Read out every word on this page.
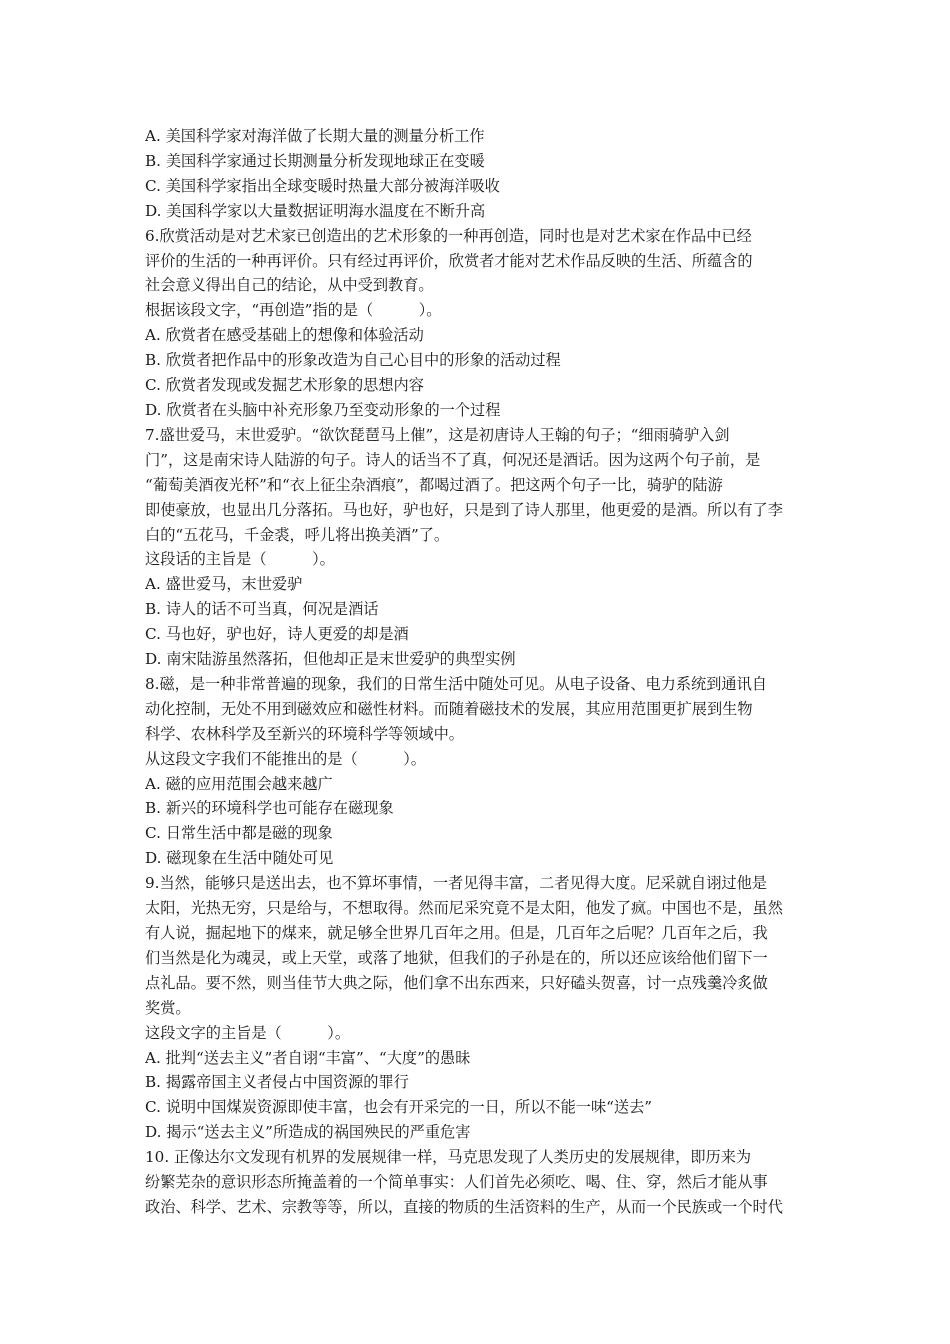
A. 美国科学家对海洋做了长期大量的测量分析工作
B. 美国科学家通过长期测量分析发现地球正在变暖
C. 美国科学家指出全球变暖时热量大部分被海洋吸收
D. 美国科学家以大量数据证明海水温度在不断升高
6.欣赏活动是对艺术家已创造出的艺术形象的一种再创造，同时也是对艺术家在作品中已经
评价的生活的一种再评价。只有经过再评价，欣赏者才能对艺术作品反映的生活、所蕴含的
社会意义得出自己的结论，从中受到教育。
根据该段文字，“再创造”指的是（　　　）。
A. 欣赏者在感受基础上的想像和体验活动
B. 欣赏者把作品中的形象改造为自己心目中的形象的活动过程
C. 欣赏者发现或发掘艺术形象的思想内容
D. 欣赏者在头脑中补充形象乃至变动形象的一个过程
7.盛世爱马，末世爱驴。“欲饮琵琶马上催”，这是初唐诗人王翰的句子；“细雨骑驴入剑
门”，这是南宋诗人陆游的句子。诗人的话当不了真，何况还是酒话。因为这两个句子前，是
“葡萄美酒夜光杯”和“衣上征尘杂酒痕”，都喝过酒了。把这两个句子一比，骑驴的陆游
即使豪放，也显出几分落拓。马也好，驴也好，只是到了诗人那里，他更爱的是酒。所以有了李
白的“五花马，千金裘，呼儿将出换美酒”了。
这段话的主旨是（　　　）。
A. 盛世爱马，末世爱驴
B. 诗人的话不可当真，何况是酒话
C. 马也好，驴也好，诗人更爱的却是酒
D. 南宋陆游虽然落拓，但他却正是末世爱驴的典型实例
8.磁，是一种非常普遍的现象，我们的日常生活中随处可见。从电子设备、电力系统到通讯自
动化控制，无处不用到磁效应和磁性材料。而随着磁技术的发展，其应用范围更扩展到生物
科学、农林科学及至新兴的环境科学等领域中。
从这段文字我们不能推出的是（　　　）。
A. 磁的应用范围会越来越广
B. 新兴的环境科学也可能存在磁现象
C. 日常生活中都是磁的现象
D. 磁现象在生活中随处可见
9.当然，能够只是送出去，也不算坏事情，一者见得丰富，二者见得大度。尼采就自诩过他是
太阳，光热无穷，只是给与，不想取得。然而尼采究竟不是太阳，他发了疯。中国也不是，虽然
有人说，掘起地下的煤来，就足够全世界几百年之用。但是，几百年之后呢？几百年之后，我
们当然是化为魂灵，或上天堂，或落了地狱，但我们的子孙是在的，所以还应该给他们留下一
点礼品。要不然，则当佳节大典之际，他们拿不出东西来，只好磕头贺喜，讨一点残羹冷炙做
奖赏。
这段文字的主旨是（　　　）。
A. 批判“送去主义”者自诩“丰富”、“大度”的愚昧
B. 揭露帝国主义者侵占中国资源的罪行
C. 说明中国煤炭资源即使丰富，也会有开采完的一日，所以不能一味“送去”
D. 揭示“送去主义”所造成的祸国殃民的严重危害
10. 正像达尔文发现有机界的发展规律一样，马克思发现了人类历史的发展规律，即历来为
纷繁芜杂的意识形态所掩盖着的一个简单事实：人们首先必须吃、喝、住、穿，然后才能从事
政治、科学、艺术、宗教等等，所以，直接的物质的生活资料的生产，从而一个民族或一个时代
